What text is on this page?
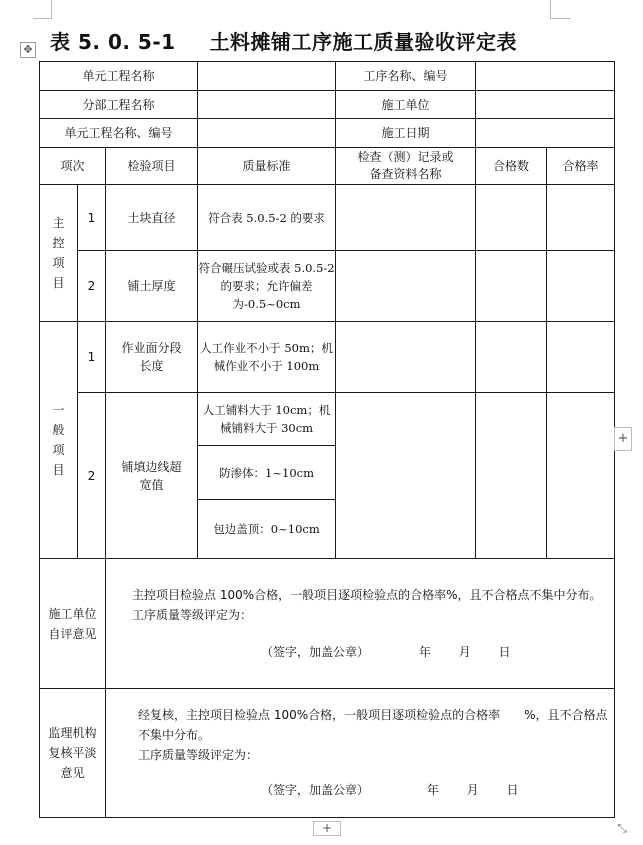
✥ 表 5. 0. 5-1 土料摊铺工序施工质量验收评定表
单元工程名称				工序名称、编号		
分部工程名称				施工单位		
单元工程名称、编号				施工日期		
项次		检验项目	质量标准	检查（测）记录或备查资料名称	合格数	合格率
主控项目	1	土块直径	符合表 5.0.5-2 的要求			
	2	铺土厚度	符合碾压试验或表 5.0.5-2 的要求；允许偏差为-0.5~0cm			
一般项目	1	作业面分段长度	人工作业不小于 50m；机械作业不小于 100m			
	2	铺填边线超宽值	人工铺料大于 10cm；机械铺料大于 30cm			
			防渗体：1~10cm			
			包边盖顶：0~10cm			
施工单位自评意见		主控项目检验点 100%合格，一般项目逐项检验点的合格率%，且不合格点不集中分布。
工序质量等级评定为：
（签字，加盖公章） 年 月 日				

监理机构复核平淡意见		经复核，主控项目检验点 100%合格，一般项目逐项检验点的合格率　　%，且不合格点不集中分布。
工序质量等级评定为：
（签字，加盖公章） 年 月 日				
+
+	⤡
